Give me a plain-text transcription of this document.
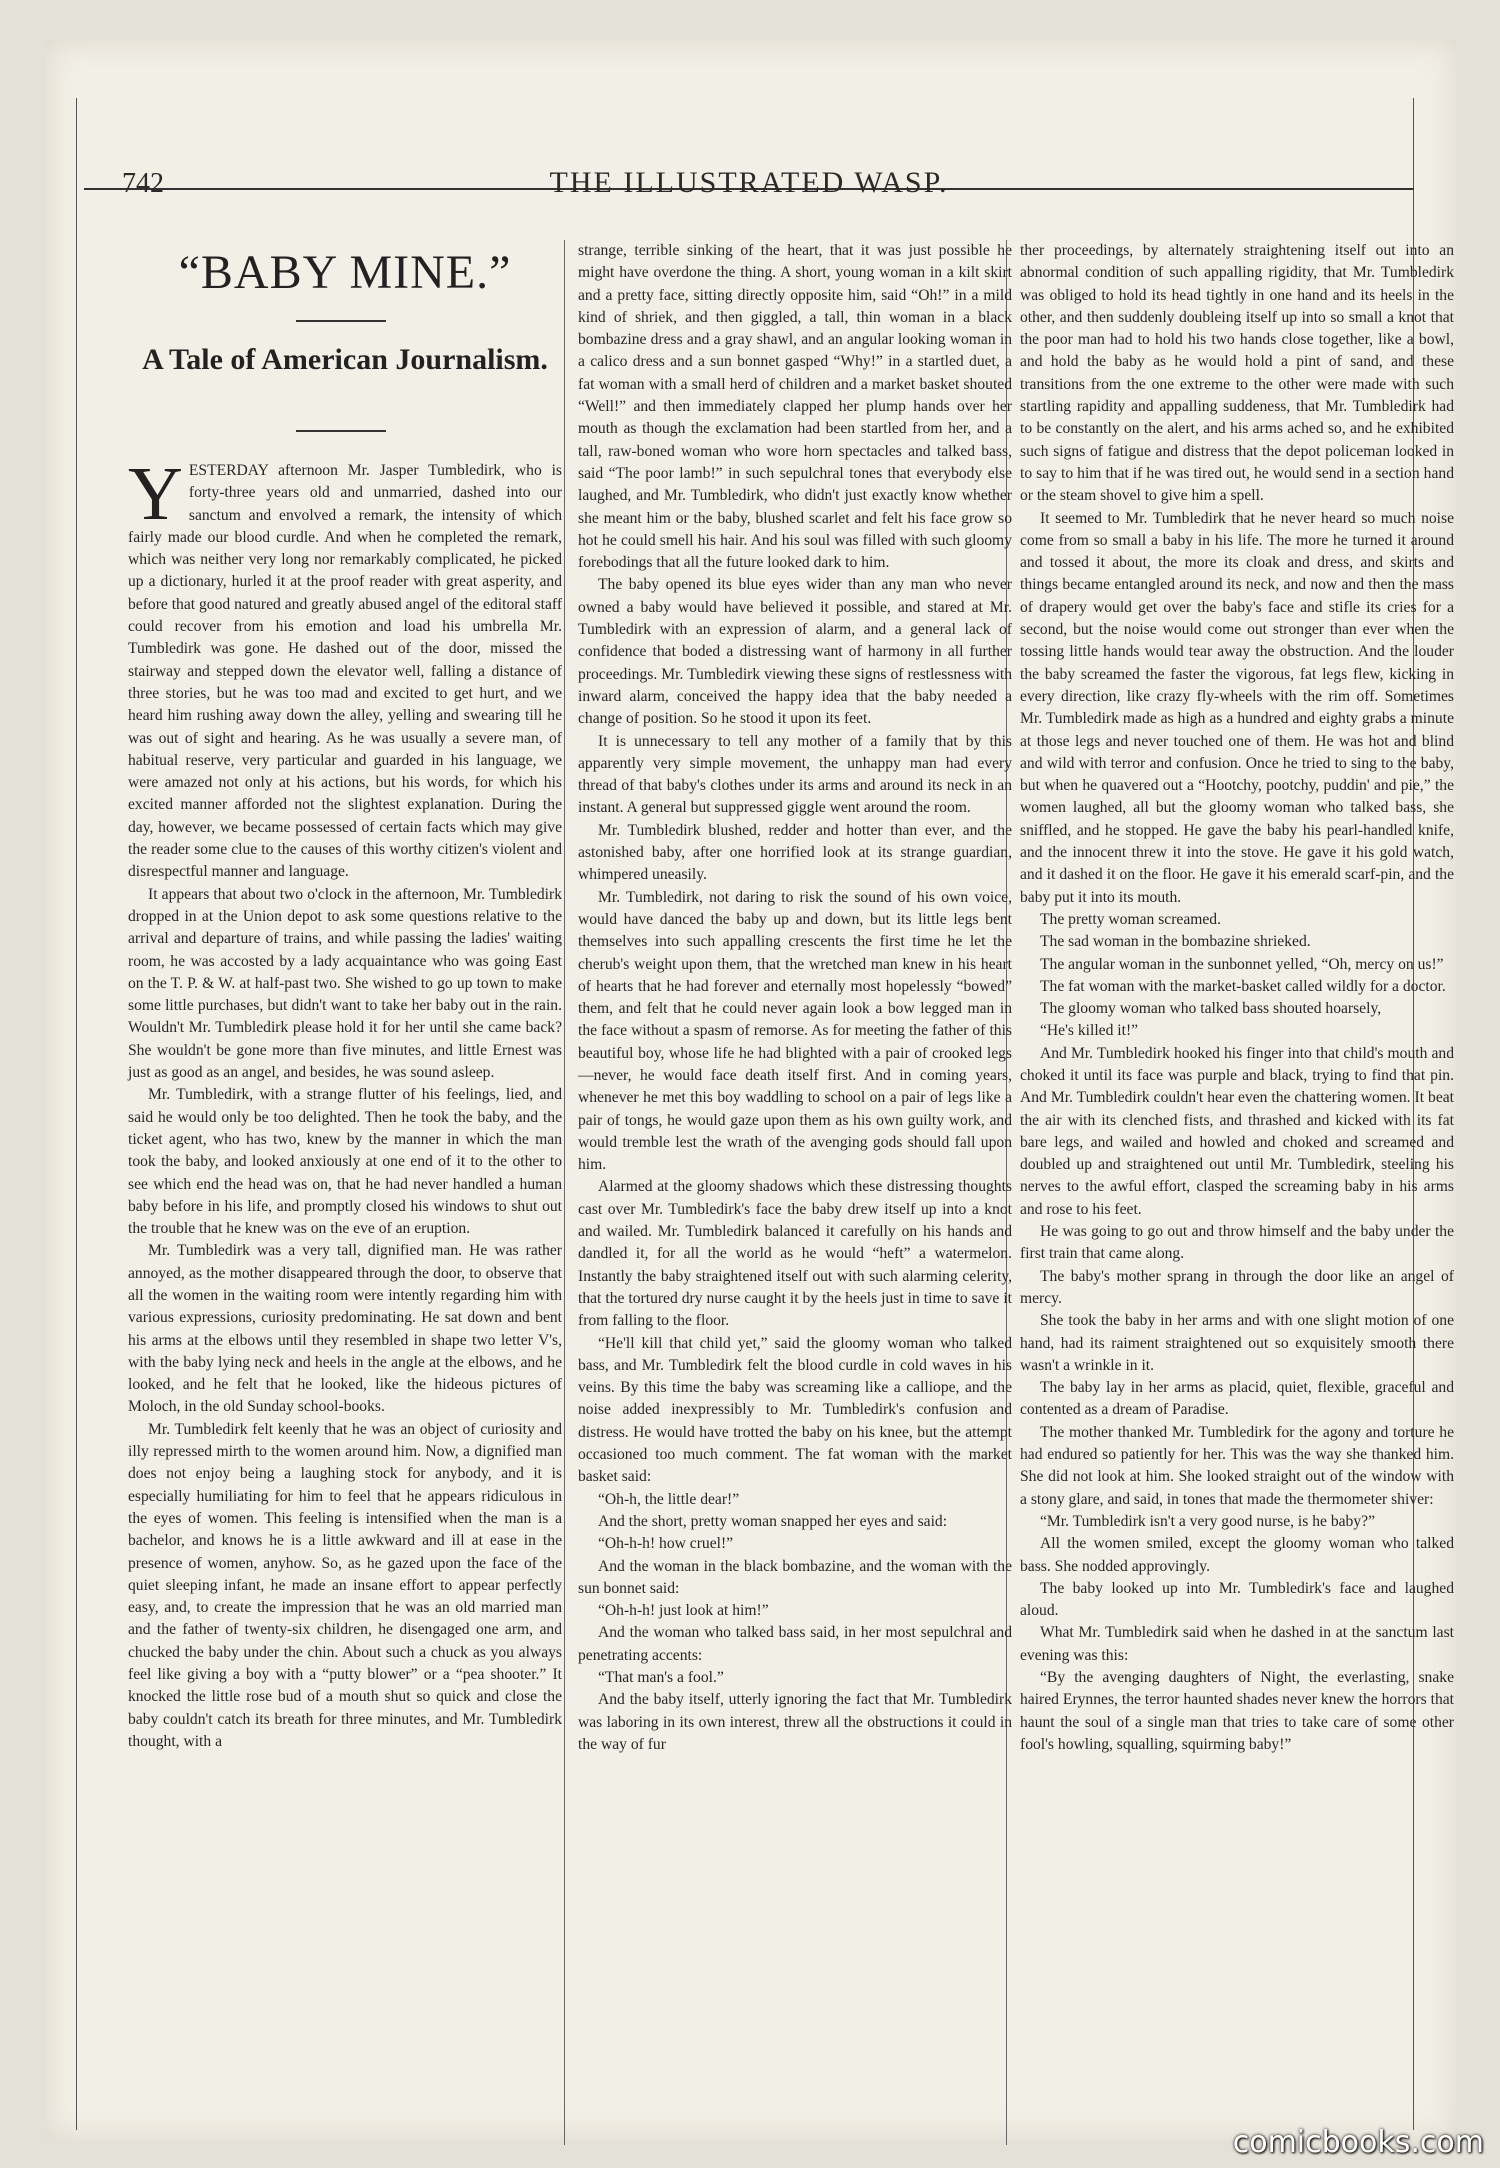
742	THE ILLUSTRATED WASP.
“BABY MINE.”
A Tale of American Journalism.

YESTERDAY afternoon Mr. Jasper Tumbledirk, who is forty-three years old and unmarried, dashed into our sanctum and envolved a remark, the intensity of which fairly made our blood curdle. And when he completed the remark, which was neither very long nor remarkably complicated, he picked up a dictionary, hurled it at the proof reader with great asperity, and before that good natured and greatly abused angel of the editoral staff could recover from his emotion and load his umbrella Mr. Tumbledirk was gone. He dashed out of the door, missed the stairway and stepped down the elevator well, falling a distance of three stories, but he was too mad and excited to get hurt, and we heard him rushing away down the alley, yelling and swearing till he was out of sight and hearing. As he was usually a severe man, of habitual reserve, very particular and guarded in his language, we were amazed not only at his actions, but his words, for which his excited manner afforded not the slightest explanation. During the day, however, we became possessed of certain facts which may give the reader some clue to the causes of this worthy citizen's violent and disrespectful manner and language.

It appears that about two o'clock in the afternoon, Mr. Tumbledirk dropped in at the Union depot to ask some questions relative to the arrival and departure of trains, and while passing the ladies' waiting room, he was accosted by a lady acquaintance who was going East on the T. P. & W. at half-past two. She wished to go up town to make some little purchases, but didn't want to take her baby out in the rain. Wouldn't Mr. Tumbledirk please hold it for her until she came back? She wouldn't be gone more than five minutes, and little Ernest was just as good as an angel, and besides, he was sound asleep.

Mr. Tumbledirk, with a strange flutter of his feelings, lied, and said he would only be too delighted. Then he took the baby, and the ticket agent, who has two, knew by the manner in which the man took the baby, and looked anxiously at one end of it to the other to see which end the head was on, that he had never handled a human baby before in his life, and promptly closed his windows to shut out the trouble that he knew was on the eve of an eruption.

Mr. Tumbledirk was a very tall, dignified man. He was rather annoyed, as the mother disappeared through the door, to observe that all the women in the waiting room were intently regarding him with various expressions, curiosity predominating. He sat down and bent his arms at the elbows until they resembled in shape two letter V's, with the baby lying neck and heels in the angle at the elbows, and he looked, and he felt that he looked, like the hideous pictures of Moloch, in the old Sunday school-books.

Mr. Tumbledirk felt keenly that he was an object of curiosity and illy repressed mirth to the women around him. Now, a dignified man does not enjoy being a laughing stock for anybody, and it is especially humiliating for him to feel that he appears ridiculous in the eyes of women. This feeling is intensified when the man is a bachelor, and knows he is a little awkward and ill at ease in the presence of women, anyhow. So, as he gazed upon the face of the quiet sleeping infant, he made an insane effort to appear perfectly easy, and, to create the impression that he was an old married man and the father of twenty-six children, he disengaged one arm, and chucked the baby under the chin. About such a chuck as you always feel like giving a boy with a “putty blower” or a “pea shooter.” It knocked the little rose bud of a mouth shut so quick and close the baby couldn't catch its breath for three minutes, and Mr. Tumbledirk thought, with a

strange, terrible sinking of the heart, that it was just possible he might have overdone the thing. A short, young woman in a kilt skirt and a pretty face, sitting directly opposite him, said “Oh!” in a mild kind of shriek, and then giggled, a tall, thin woman in a black bombazine dress and a gray shawl, and an angular looking woman in a calico dress and a sun bonnet gasped “Why!” in a startled duet, a fat woman with a small herd of children and a market basket shouted “Well!” and then immediately clapped her plump hands over her mouth as though the exclamation had been startled from her, and a tall, raw-boned woman who wore horn spectacles and talked bass, said “The poor lamb!” in such sepulchral tones that everybody else laughed, and Mr. Tumbledirk, who didn't just exactly know whether she meant him or the baby, blushed scarlet and felt his face grow so hot he could smell his hair. And his soul was filled with such gloomy forebodings that all the future looked dark to him.

The baby opened its blue eyes wider than any man who never owned a baby would have believed it possible, and stared at Mr. Tumbledirk with an expression of alarm, and a general lack of confidence that boded a distressing want of harmony in all further proceedings. Mr. Tumbledirk viewing these signs of restlessness with inward alarm, conceived the happy idea that the baby needed a change of position. So he stood it upon its feet.

It is unnecessary to tell any mother of a family that by this apparently very simple movement, the unhappy man had every thread of that baby's clothes under its arms and around its neck in an instant. A general but suppressed giggle went around the room.

Mr. Tumbledirk blushed, redder and hotter than ever, and the astonished baby, after one horrified look at its strange guardian, whimpered uneasily.

Mr. Tumbledirk, not daring to risk the sound of his own voice, would have danced the baby up and down, but its little legs bent themselves into such appalling crescents the first time he let the cherub's weight upon them, that the wretched man knew in his heart of hearts that he had forever and eternally most hopelessly “bowed” them, and felt that he could never again look a bow legged man in the face without a spasm of remorse. As for meeting the father of this beautiful boy, whose life he had blighted with a pair of crooked legs—never, he would face death itself first. And in coming years, whenever he met this boy waddling to school on a pair of legs like a pair of tongs, he would gaze upon them as his own guilty work, and would tremble lest the wrath of the avenging gods should fall upon him.

Alarmed at the gloomy shadows which these distressing thoughts cast over Mr. Tumbledirk's face the baby drew itself up into a knot and wailed. Mr. Tumbledirk balanced it carefully on his hands and dandled it, for all the world as he would “heft” a watermelon. Instantly the baby straightened itself out with such alarming celerity, that the tortured dry nurse caught it by the heels just in time to save it from falling to the floor.

“He'll kill that child yet,” said the gloomy woman who talked bass, and Mr. Tumbledirk felt the blood curdle in cold waves in his veins. By this time the baby was screaming like a calliope, and the noise added inexpressibly to Mr. Tumbledirk's confusion and distress. He would have trotted the baby on his knee, but the attempt occasioned too much comment. The fat woman with the market basket said:

“Oh-h, the little dear!”

And the short, pretty woman snapped her eyes and said:

“Oh-h-h! how cruel!”

And the woman in the black bombazine, and the woman with the sun bonnet said:

“Oh-h-h! just look at him!”

And the woman who talked bass said, in her most sepulchral and penetrating accents:

“That man's a fool.”

And the baby itself, utterly ignoring the fact that Mr. Tumbledirk was laboring in its own interest, threw all the obstructions it could in the way of fur

ther proceedings, by alternately straightening itself out into an abnormal condition of such appalling rigidity, that Mr. Tumbledirk was obliged to hold its head tightly in one hand and its heels in the other, and then suddenly doubleing itself up into so small a knot that the poor man had to hold his two hands close together, like a bowl, and hold the baby as he would hold a pint of sand, and these transitions from the one extreme to the other were made with such startling rapidity and appalling suddeness, that Mr. Tumbledirk had to be constantly on the alert, and his arms ached so, and he exhibited such signs of fatigue and distress that the depot policeman looked in to say to him that if he was tired out, he would send in a section hand or the steam shovel to give him a spell.

It seemed to Mr. Tumbledirk that he never heard so much noise come from so small a baby in his life. The more he turned it around and tossed it about, the more its cloak and dress, and skirts and things became entangled around its neck, and now and then the mass of drapery would get over the baby's face and stifle its cries for a second, but the noise would come out stronger than ever when the tossing little hands would tear away the obstruction. And the louder the baby screamed the faster the vigorous, fat legs flew, kicking in every direction, like crazy fly-wheels with the rim off. Sometimes Mr. Tumbledirk made as high as a hundred and eighty grabs a minute at those legs and never touched one of them. He was hot and blind and wild with terror and confusion. Once he tried to sing to the baby, but when he quavered out a “Hootchy, pootchy, puddin' and pie,” the women laughed, all but the gloomy woman who talked bass, she sniffled, and he stopped. He gave the baby his pearl-handled knife, and the innocent threw it into the stove. He gave it his gold watch, and it dashed it on the floor. He gave it his emerald scarf-pin, and the baby put it into its mouth.

The pretty woman screamed.

The sad woman in the bombazine shrieked.

The angular woman in the sunbonnet yelled, “Oh, mercy on us!”

The fat woman with the market-basket called wildly for a doctor.

The gloomy woman who talked bass shouted hoarsely,

“He's killed it!”

And Mr. Tumbledirk hooked his finger into that child's mouth and choked it until its face was purple and black, trying to find that pin. And Mr. Tumbledirk couldn't hear even the chattering women. It beat the air with its clenched fists, and thrashed and kicked with its fat bare legs, and wailed and howled and choked and screamed and doubled up and straightened out until Mr. Tumbledirk, steeling his nerves to the awful effort, clasped the screaming baby in his arms and rose to his feet.

He was going to go out and throw himself and the baby under the first train that came along.

The baby's mother sprang in through the door like an angel of mercy.

She took the baby in her arms and with one slight motion of one hand, had its raiment straightened out so exquisitely smooth there wasn't a wrinkle in it.

The baby lay in her arms as placid, quiet, flexible, graceful and contented as a dream of Paradise.

The mother thanked Mr. Tumbledirk for the agony and torture he had endured so patiently for her. This was the way she thanked him. She did not look at him. She looked straight out of the window with a stony glare, and said, in tones that made the thermometer shiver:

“Mr. Tumbledirk isn't a very good nurse, is he baby?”

All the women smiled, except the gloomy woman who talked bass. She nodded approvingly.

The baby looked up into Mr. Tumbledirk's face and laughed aloud.

What Mr. Tumbledirk said when he dashed in at the sanctum last evening was this:

“By the avenging daughters of Night, the everlasting, snake haired Erynnes, the terror haunted shades never knew the horrors that haunt the soul of a single man that tries to take care of some other fool's howling, squalling, squirming baby!”

comicbooks.com
